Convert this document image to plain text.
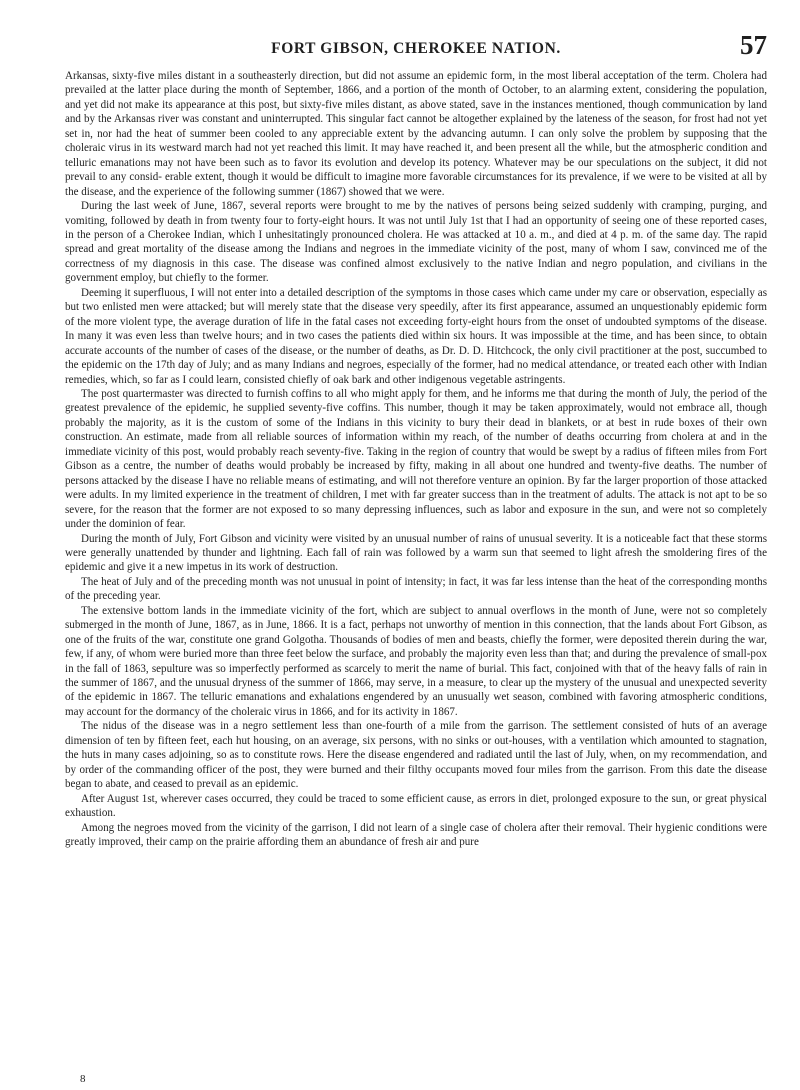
FORT GIBSON, CHEROKEE NATION.	57

Arkansas, sixty-five miles distant in a southeasterly direction, but did not assume an epidemic form, in the most liberal acceptation of the term. Cholera had prevailed at the latter place during the month of September, 1866, and a portion of the month of October, to an alarming extent, considering the population, and yet did not make its appearance at this post, but sixty-five miles distant, as above stated, save in the instances mentioned, though communication by land and by the Arkansas river was constant and uninterrupted. This singular fact cannot be altogether explained by the lateness of the season, for frost had not yet set in, nor had the heat of summer been cooled to any appreciable extent by the advancing autumn. I can only solve the problem by supposing that the choleraic virus in its westward march had not yet reached this limit. It may have reached it, and been present all the while, but the atmospheric condition and telluric emanations may not have been such as to favor its evolution and develop its potency. Whatever may be our speculations on the subject, it did not prevail to any consid- erable extent, though it would be difficult to imagine more favorable circumstances for its prevalence, if we were to be visited at all by the disease, and the experience of the following summer (1867) showed that we were.

During the last week of June, 1867, several reports were brought to me by the natives of persons being seized suddenly with cramping, purging, and vomiting, followed by death in from twenty four to forty-eight hours. It was not until July 1st that I had an opportunity of seeing one of these reported cases, in the person of a Cherokee Indian, which I unhesitatingly pronounced cholera. He was attacked at 10 a. m., and died at 4 p. m. of the same day. The rapid spread and great mortality of the disease among the Indians and negroes in the immediate vicinity of the post, many of whom I saw, convinced me of the correctness of my diagnosis in this case. The disease was confined almost exclusively to the native Indian and negro population, and civilians in the government employ, but chiefly to the former.

Deeming it superfluous, I will not enter into a detailed description of the symptoms in those cases which came under my care or observation, especially as but two enlisted men were attacked; but will merely state that the disease very speedily, after its first appearance, assumed an unquestionably epidemic form of the more violent type, the average duration of life in the fatal cases not exceeding forty-eight hours from the onset of undoubted symptoms of the disease. In many it was even less than twelve hours; and in two cases the patients died within six hours. It was impossible at the time, and has been since, to obtain accurate accounts of the number of cases of the disease, or the number of deaths, as Dr. D. D. Hitchcock, the only civil practitioner at the post, succumbed to the epidemic on the 17th day of July; and as many Indians and negroes, especially of the former, had no medical attendance, or treated each other with Indian remedies, which, so far as I could learn, consisted chiefly of oak bark and other indigenous vegetable astringents.

The post quartermaster was directed to furnish coffins to all who might apply for them, and he informs me that during the month of July, the period of the greatest prevalence of the epidemic, he supplied seventy-five coffins. This number, though it may be taken approximately, would not embrace all, though probably the majority, as it is the custom of some of the Indians in this vicinity to bury their dead in blankets, or at best in rude boxes of their own construction. An estimate, made from all reliable sources of information within my reach, of the number of deaths occurring from cholera at and in the immediate vicinity of this post, would probably reach seventy-five. Taking in the region of country that would be swept by a radius of fifteen miles from Fort Gibson as a centre, the number of deaths would probably be increased by fifty, making in all about one hundred and twenty-five deaths. The number of persons attacked by the disease I have no reliable means of estimating, and will not therefore venture an opinion. By far the larger proportion of those attacked were adults. In my limited experience in the treatment of children, I met with far greater success than in the treatment of adults. The attack is not apt to be so severe, for the reason that the former are not exposed to so many depressing influences, such as labor and exposure in the sun, and were not so completely under the dominion of fear.

During the month of July, Fort Gibson and vicinity were visited by an unusual number of rains of unusual severity. It is a noticeable fact that these storms were generally unattended by thunder and lightning. Each fall of rain was followed by a warm sun that seemed to light afresh the smoldering fires of the epidemic and give it a new impetus in its work of destruction.

The heat of July and of the preceding month was not unusual in point of intensity; in fact, it was far less intense than the heat of the corresponding months of the preceding year.

The extensive bottom lands in the immediate vicinity of the fort, which are subject to annual overflows in the month of June, were not so completely submerged in the month of June, 1867, as in June, 1866. It is a fact, perhaps not unworthy of mention in this connection, that the lands about Fort Gibson, as one of the fruits of the war, constitute one grand Golgotha. Thousands of bodies of men and beasts, chiefly the former, were deposited therein during the war, few, if any, of whom were buried more than three feet below the surface, and probably the majority even less than that; and during the prevalence of small-pox in the fall of 1863, sepulture was so imperfectly performed as scarcely to merit the name of burial. This fact, conjoined with that of the heavy falls of rain in the summer of 1867, and the unusual dryness of the summer of 1866, may serve, in a measure, to clear up the mystery of the unusual and unexpected severity of the epidemic in 1867. The telluric emanations and exhalations engendered by an unusually wet season, combined with favoring atmospheric conditions, may account for the dormancy of the choleraic virus in 1866, and for its activity in 1867.

The nidus of the disease was in a negro settlement less than one-fourth of a mile from the garrison. The settlement consisted of huts of an average dimension of ten by fifteen feet, each hut housing, on an average, six persons, with no sinks or out-houses, with a ventilation which amounted to stagnation, the huts in many cases adjoining, so as to constitute rows. Here the disease engendered and radiated until the last of July, when, on my recommendation, and by order of the commanding officer of the post, they were burned and their filthy occupants moved four miles from the garrison. From this date the disease began to abate, and ceased to prevail as an epidemic.

After August 1st, wherever cases occurred, they could be traced to some efficient cause, as errors in diet, prolonged exposure to the sun, or great physical exhaustion.

Among the negroes moved from the vicinity of the garrison, I did not learn of a single case of cholera after their removal. Their hygienic conditions were greatly improved, their camp on the prairie affording them an abundance of fresh air and pure

8
